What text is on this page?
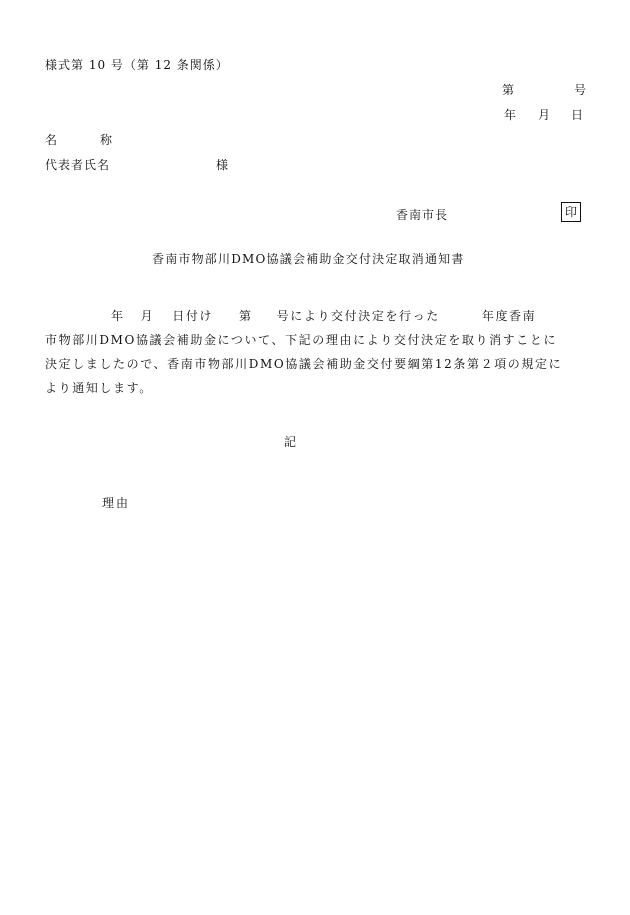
様式第 10 号（第 12 条関係）
第	号
年 月 日
名	称
代表者氏名	様
香南市長	印
香南市物部川DMO協議会補助金交付決定取消通知書
年 月 日付け 第 号により交付決定を行った	年度香南
市物部川DMO協議会補助金について、下記の理由により交付決定を取り消すことに
決定しましたので、香南市物部川DMO協議会補助金交付要綱第12条第２項の規定に
より通知します。
記
理由
